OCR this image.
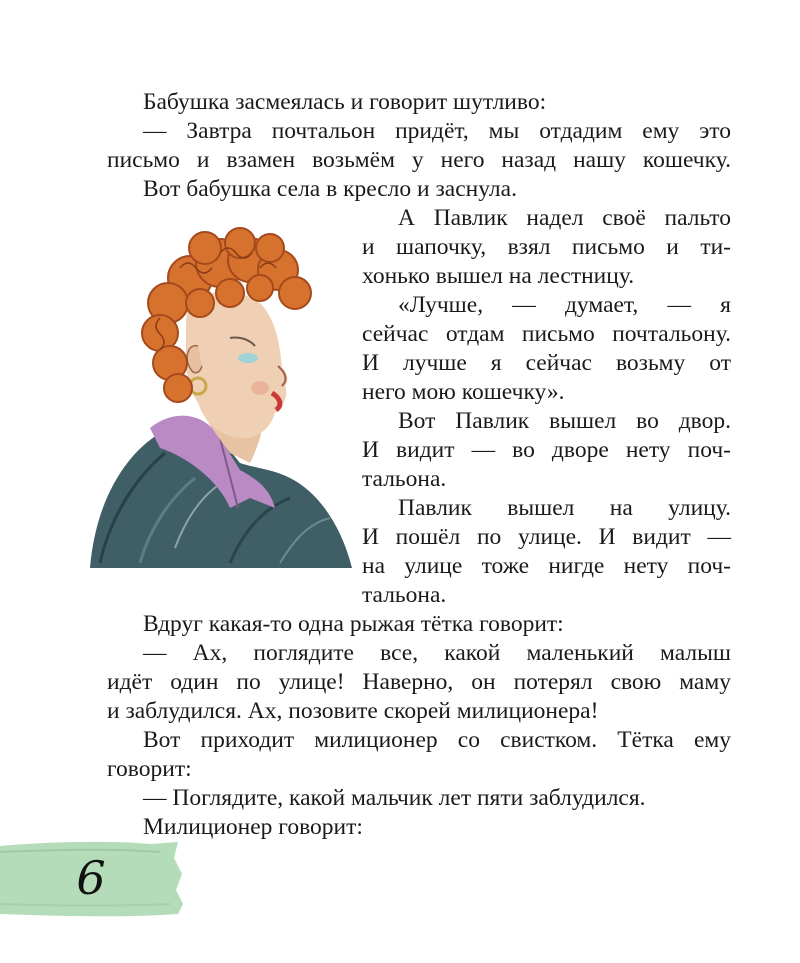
Бабушка засмеялась и говорит шутливо:
— Завтра почтальон придёт, мы отдадим ему это
письмо и взамен возьмём у него назад нашу кошечку.
Вот бабушка села в кресло и заснула.
А Павлик надел своё пальто
и шапочку, взял письмо и ти-
хонько вышел на лестницу.
«Лучше, — думает, — я
сейчас отдам письмо почтальону.
И лучше я сейчас возьму от
него мою кошечку».
Вот Павлик вышел во двор.
И видит — во дворе нету поч-
тальона.
Павлик вышел на улицу.
И пошёл по улице. И видит —
на улице тоже нигде нету поч-
тальона.
Вдруг какая-то одна рыжая тётка говорит:
— Ах, поглядите все, какой маленький малыш
идёт один по улице! Наверно, он потерял свою маму
и заблудился. Ах, позовите скорей милиционера!
Вот приходит милиционер со свистком. Тётка ему
говорит:
— Поглядите, какой мальчик лет пяти заблудился.
Милиционер говорит:
6
